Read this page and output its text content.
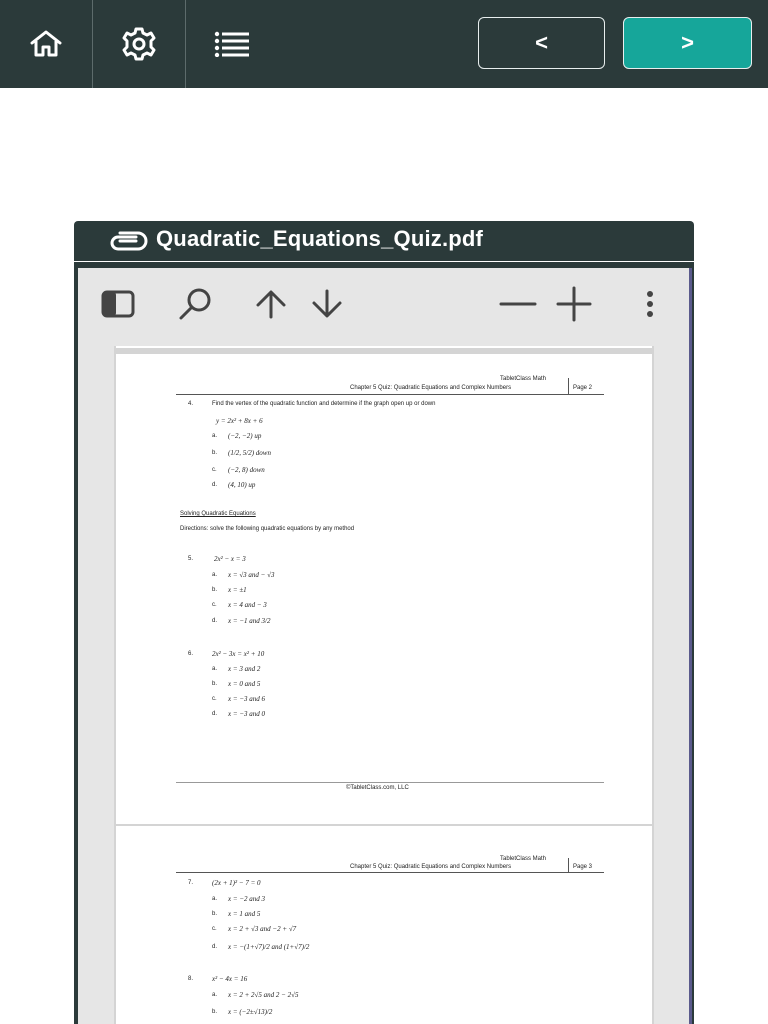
<	>
Quadratic_Equations_Quiz.pdf
TabletClass Math
Chapter 5 Quiz: Quadratic Equations and Complex Numbers	Page 2
4.	Find the vertex of the quadratic function and determine if the graph open up or down
y = 2x² + 8x + 6
a. (−2, −2) up
b. (1/2, 5/2) down
c. (−2, 8) down
d. (4, 10) up
Solving Quadratic Equations
Directions: solve the following quadratic equations by any method
5.	2x² − x = 3
a. x = √3 and − √3
b. x = ±1
c. x = 4 and − 3
d. x = −1 and 3/2
6.	2x² − 3x = x² + 10
a. x = 3 and 2
b. x = 0 and 5
c. x = −3 and 6
d. x = −3 and 0
©TabletClass.com, LLC
TabletClass Math
Chapter 5 Quiz: Quadratic Equations and Complex Numbers	Page 3
7.	(2x + 1)² − 7 = 0
a. x = −2 and 3
b. x = 1 and 5
c. x = 2 + √3 and −2 + √7
d. x = −(1+√7)/2 and (1+√7)/2
8.	x² − 4x = 16
a. x = 2 + 2√5 and 2 − 2√5
b. x = (−2±√13)/2
